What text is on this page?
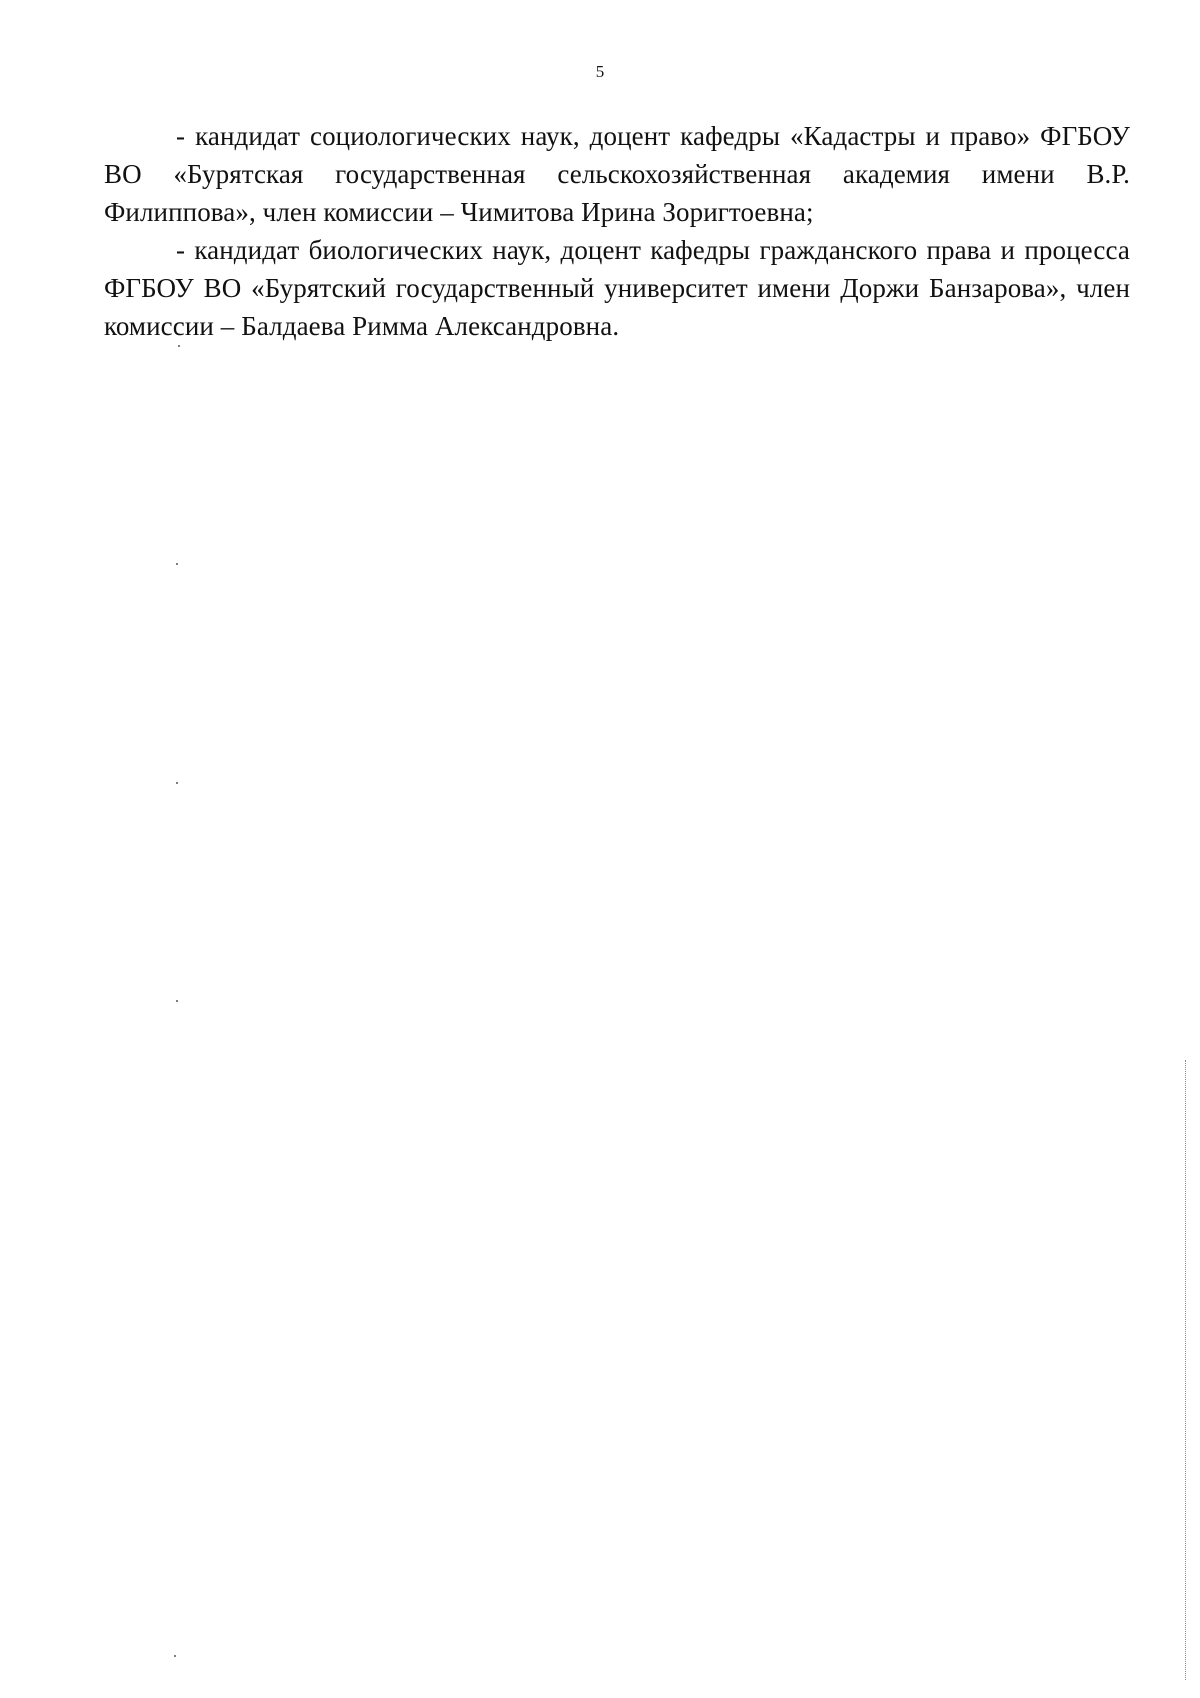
5

- кандидат социологических наук, доцент кафедры «Кадастры и право» ФГБОУ ВО «Бурятская государственная сельскохозяйственная академия имени В.Р. Филиппова», член комиссии – Чимитова Ирина Зоригтоевна;

- кандидат биологических наук, доцент кафедры гражданского права и процесса ФГБОУ ВО «Бурятский государственный университет имени Доржи Банзарова», член комиссии – Балдаева Римма Александровна.
